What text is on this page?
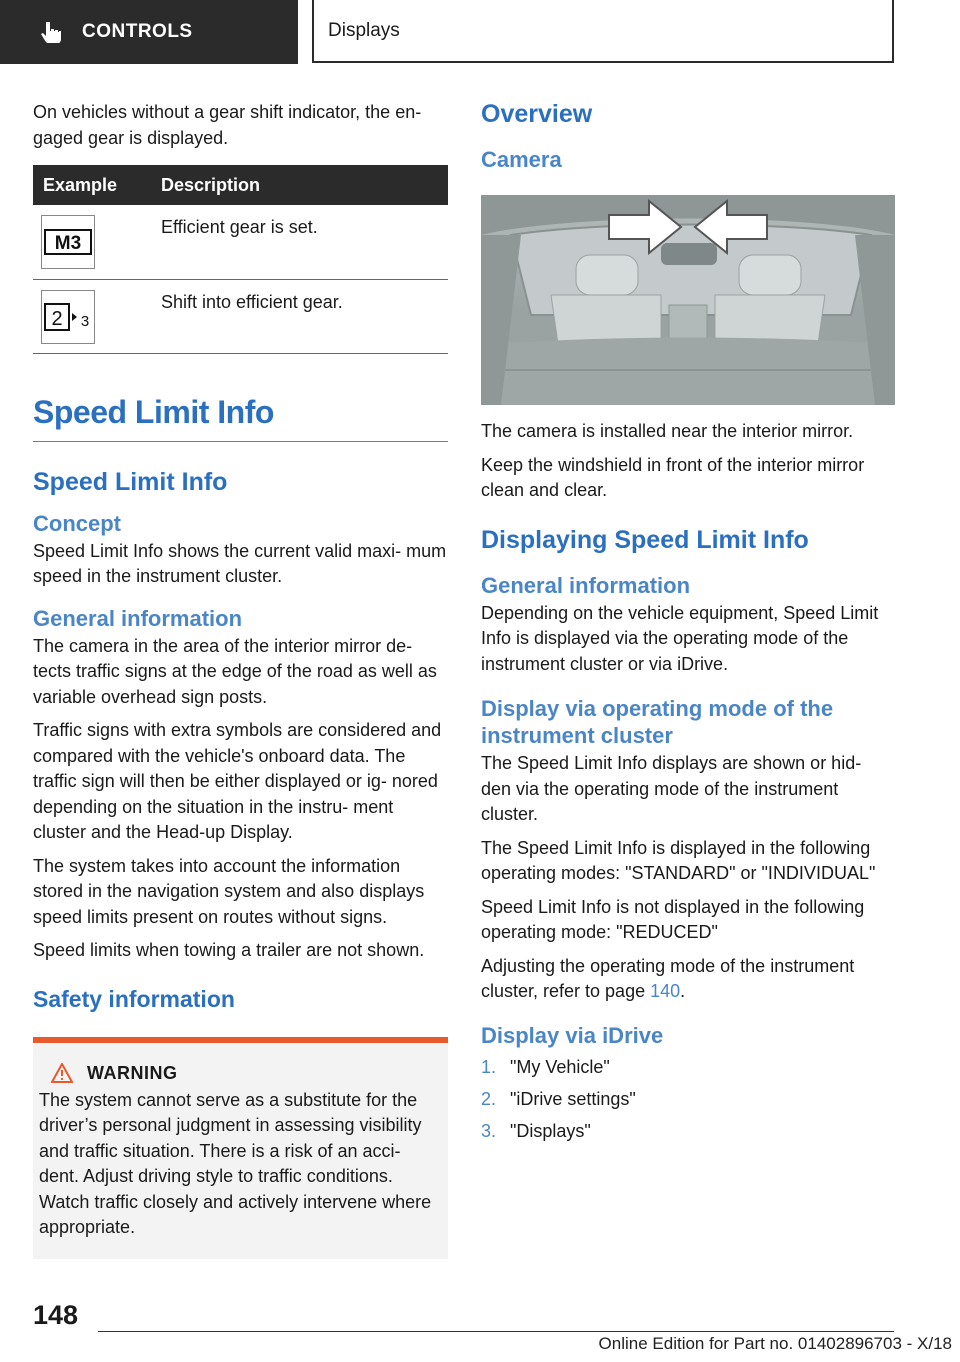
CONTROLS	Displays

On vehicles without a gear shift indicator, the en‐ gaged gear is displayed.

Example	Description

M3	Efficient gear is set.

2 3	Shift into efficient gear.
Speed Limit Info
Speed Limit Info
Concept

Speed Limit Info shows the current valid maxi‐ mum speed in the instrument cluster.

General information

The camera in the area of the interior mirror de‐ tects traffic signs at the edge of the road as well as variable overhead sign posts.

Traffic signs with extra symbols are considered and compared with the vehicle's onboard data. The traffic sign will then be either displayed or ig‐ nored depending on the situation in the instru‐ ment cluster and the Head-up Display.

The system takes into account the information stored in the navigation system and also displays speed limits present on routes without signs.

Speed limits when towing a trailer are not shown.

Safety information
WARNING

The system cannot serve as a substitute for the driver’s personal judgment in assessing visibility and traffic situation. There is a risk of an acci‐ dent. Adjust driving style to traffic conditions. Watch traffic closely and actively intervene where appropriate.

Overview
Camera

The camera is installed near the interior mirror.

Keep the windshield in front of the interior mirror clean and clear.

Displaying Speed Limit Info
General information

Depending on the vehicle equipment, Speed Limit Info is displayed via the operating mode of the instrument cluster or via iDrive.

Display via operating mode of the instrument cluster

The Speed Limit Info displays are shown or hid‐ den via the operating mode of the instrument cluster.

The Speed Limit Info is displayed in the following operating modes: "STANDARD" or "INDIVIDUAL"

Speed Limit Info is not displayed in the following operating mode: "REDUCED"

Adjusting the operating mode of the instrument cluster, refer to page 140.

Display via iDrive
1. "My Vehicle"
2. "iDrive settings"
3. "Displays"
148
Online Edition for Part no. 01402896703 - X/18
